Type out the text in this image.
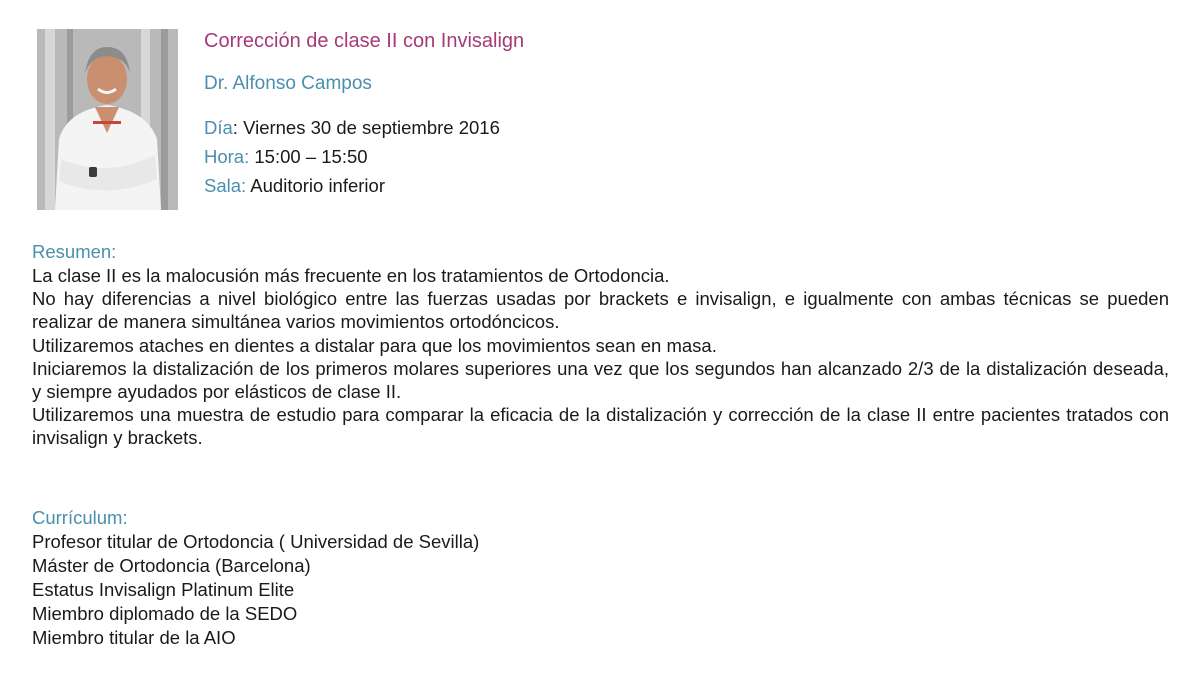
Corrección de clase II con Invisalign
Dr. Alfonso Campos
Día: Viernes 30 de septiembre 2016
Hora: 15:00 – 15:50
Sala: Auditorio inferior
Resumen:

La clase II es la malocusión más frecuente en los tratamientos de Ortodoncia.

No hay diferencias a nivel biológico entre las fuerzas usadas por brackets e invisalign, e igualmente con ambas técnicas se pueden realizar de manera simultánea varios movimientos ortodóncicos.

Utilizaremos ataches en dientes a distalar para que los movimientos sean en masa.

Iniciaremos la distalización de los primeros molares superiores una vez que los segundos han alcanzado 2/3 de la distalización deseada, y siempre ayudados por elásticos de clase II.

Utilizaremos una muestra de estudio para comparar la eficacia de la distalización y corrección de la clase II entre pacientes tratados con invisalign y brackets.

Currículum:
Profesor titular de Ortodoncia ( Universidad de Sevilla)
Máster de Ortodoncia (Barcelona)
Estatus Invisalign Platinum Elite
Miembro diplomado de la SEDO
Miembro titular de la AIO
